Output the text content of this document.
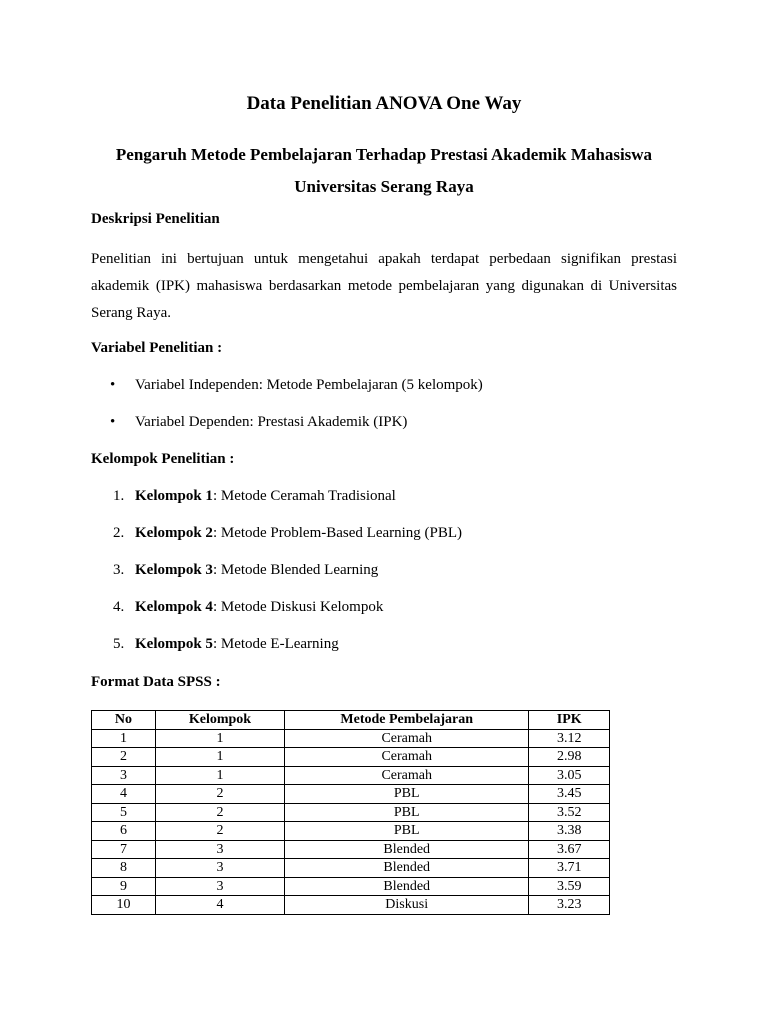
Data Penelitian ANOVA One Way
Pengaruh Metode Pembelajaran Terhadap Prestasi Akademik Mahasiswa
Universitas Serang Raya
Deskripsi Penelitian
Penelitian ini bertujuan untuk mengetahui apakah terdapat perbedaan signifikan prestasi akademik (IPK) mahasiswa berdasarkan metode pembelajaran yang digunakan di Universitas Serang Raya.
Variabel Penelitian :
• Variabel Independen: Metode Pembelajaran (5 kelompok)
• Variabel Dependen: Prestasi Akademik (IPK)
Kelompok Penelitian :
1. Kelompok 1: Metode Ceramah Tradisional
2. Kelompok 2: Metode Problem-Based Learning (PBL)
3. Kelompok 3: Metode Blended Learning
4. Kelompok 4: Metode Diskusi Kelompok
5. Kelompok 5: Metode E-Learning
Format Data SPSS :
No	Kelompok	Metode Pembelajaran	IPK
1	1	Ceramah	3.12
2	1	Ceramah	2.98
3	1	Ceramah	3.05
4	2	PBL	3.45
5	2	PBL	3.52
6	2	PBL	3.38
7	3	Blended	3.67
8	3	Blended	3.71
9	3	Blended	3.59
10	4	Diskusi	3.23
